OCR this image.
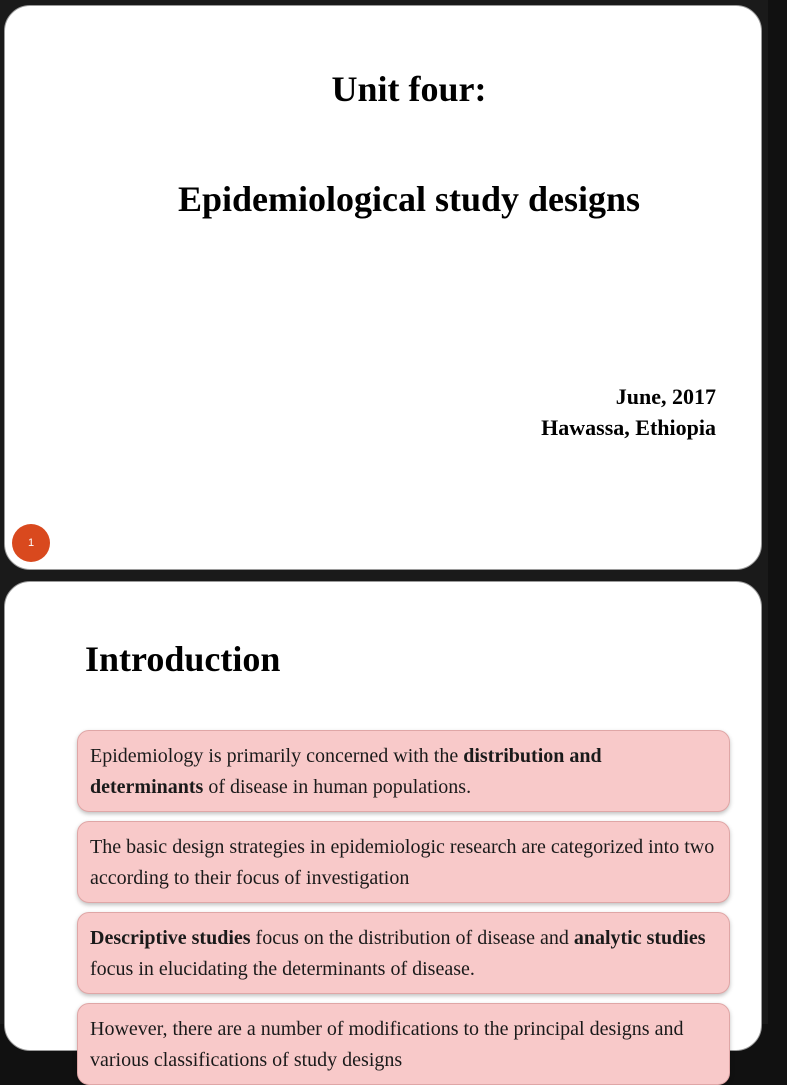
Unit four:

Epidemiological study designs

June, 2017
Hawassa, Ethiopia
1
Introduction
Epidemiology is primarily concerned with the distribution and determinants of disease in human populations.
The basic design strategies in epidemiologic research are categorized into two according to their focus of investigation
Descriptive studies focus on the distribution of disease and analytic studies focus in elucidating the determinants of disease.
However, there are a number of modifications to the principal designs and various classifications of study designs
